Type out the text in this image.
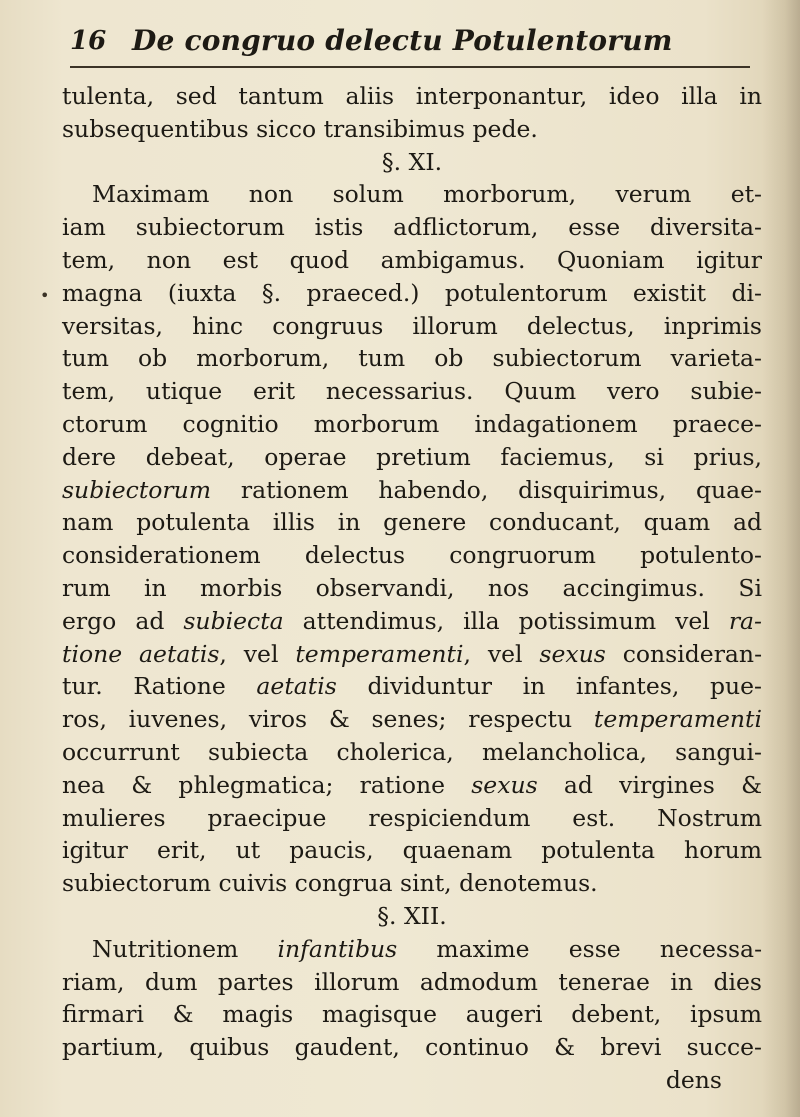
16 De congruo delectu Potulentorum
•
tulenta, sed tantum aliis interponantur, ideo illa in
subsequentibus sicco transibimus pede.
§. XI.
Maximam non solum morborum, verum et-
iam subiectorum istis adflictorum, esse diversita-
tem, non est quod ambigamus. Quoniam igitur
magna (iuxta §. praeced.) potulentorum existit di-
versitas, hinc congruus illorum delectus, inprimis
tum ob morborum, tum ob subiectorum varieta-
tem, utique erit necessarius. Quum vero subie-
ctorum cognitio morborum indagationem praece-
dere debeat, operae pretium faciemus, si prius,
subiectorum rationem habendo, disquirimus, quae-
nam potulenta illis in genere conducant, quam ad
considerationem delectus congruorum potulento-
rum in morbis observandi, nos accingimus. Si
ergo ad subiecta attendimus, illa potissimum vel ra-
tione aetatis, vel temperamenti, vel sexus consideran-
tur. Ratione aetatis dividuntur in infantes, pue-
ros, iuvenes, viros & senes; respectu temperamenti
occurrunt subiecta cholerica, melancholica, sangui-
nea & phlegmatica; ratione sexus ad virgines &
mulieres praecipue respiciendum est. Nostrum
igitur erit, ut paucis, quaenam potulenta horum
subiectorum cuivis congrua sint, denotemus.
§. XII.
Nutritionem infantibus maxime esse necessa-
riam, dum partes illorum admodum tenerae in dies
firmari & magis magisque augeri debent, ipsum
partium, quibus gaudent, continuo & brevi succe-
dens
